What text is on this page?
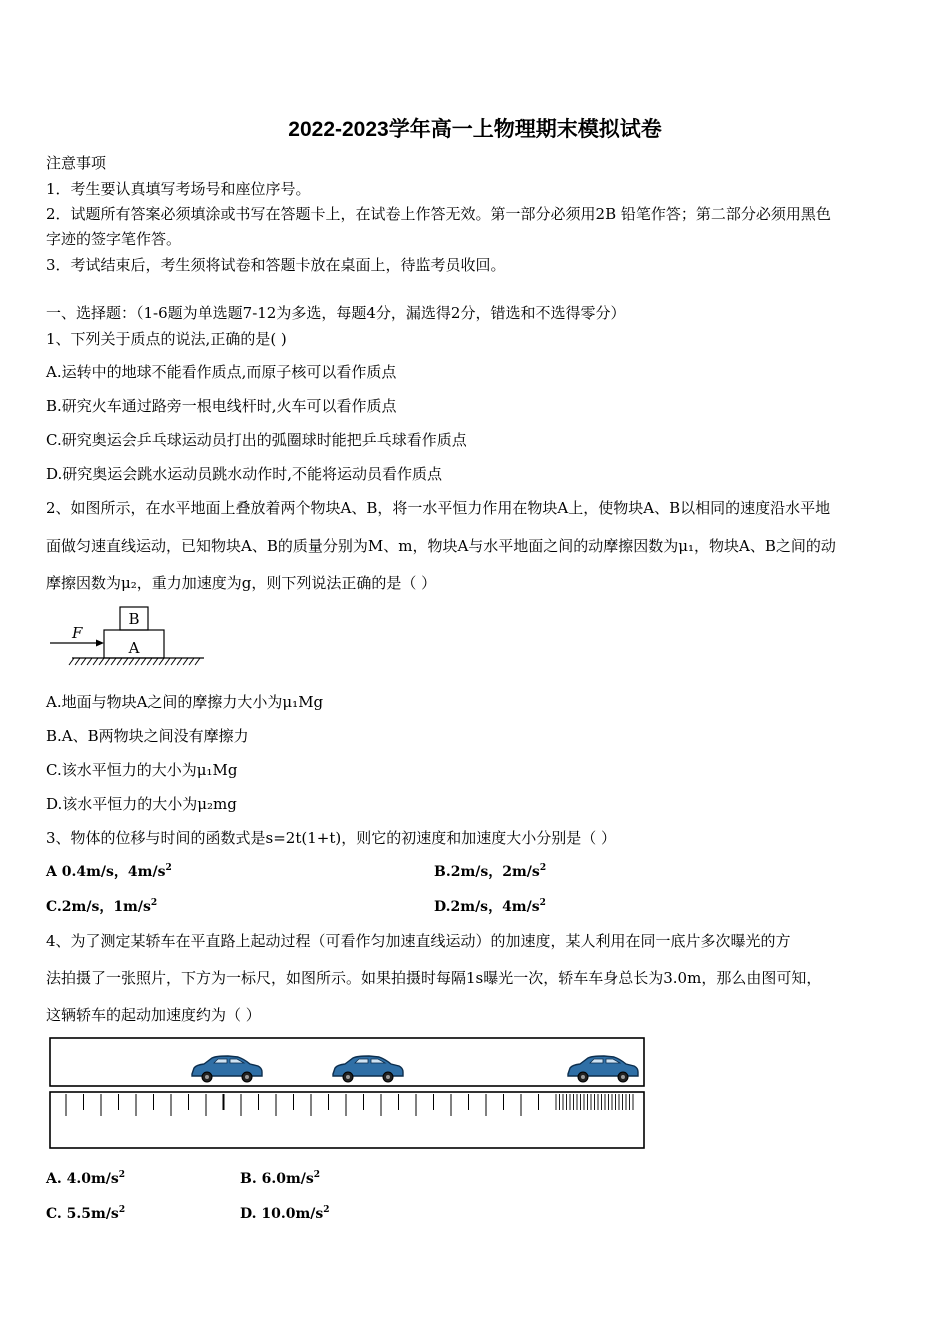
2022-2023学年高一上物理期末模拟试卷
注意事项
1．考生要认真填写考场号和座位序号。
2．试题所有答案必须填涂或书写在答题卡上，在试卷上作答无效。第一部分必须用2B 铅笔作答；第二部分必须用黑色
字迹的签字笔作答。
3．考试结束后，考生须将试卷和答题卡放在桌面上，待监考员收回。
一、选择题：（1-6题为单选题7-12为多选，每题4分，漏选得2分，错选和不选得零分）
1、下列关于质点的说法,正确的是( )
A.运转中的地球不能看作质点,而原子核可以看作质点
B.研究火车通过路旁一根电线杆时,火车可以看作质点
C.研究奥运会乒乓球运动员打出的弧圈球时能把乒乓球看作质点
D.研究奥运会跳水运动员跳水动作时,不能将运动员看作质点
2、如图所示，在水平地面上叠放着两个物块A、B，将一水平恒力作用在物块A上，使物块A、B以相同的速度沿水平地
面做匀速直线运动，已知物块A、B的质量分别为M、m，物块A与水平地面之间的动摩擦因数为μ₁，物块A、B之间的动
摩擦因数为μ₂，重力加速度为g，则下列说法正确的是（ ）
B
A
F
A.地面与物块A之间的摩擦力大小为μ₁Mg
B.A、B两物块之间没有摩擦力
C.该水平恒力的大小为μ₁Mg
D.该水平恒力的大小为μ₂mg
3、物体的位移与时间的函数式是s=2t(1+t)，则它的初速度和加速度大小分别是（ ）
A 0.4m/s，$4m/s^2$	B.2m/s，$2m/s^2$
C.2m/s，$1m/s^2$	D.2m/s，$4m/s^2$
4、为了测定某轿车在平直路上起动过程（可看作匀加速直线运动）的加速度，某人利用在同一底片多次曝光的方
法拍摄了一张照片，下方为一标尺，如图所示。如果拍摄时每隔1s曝光一次，轿车车身总长为3.0m，那么由图可知，
这辆轿车的起动加速度约为（ ）
A. $4.0m/s^2$	B. $6.0m/s^2$
C. $5.5m/s^2$	D. $10.0m/s^2$
